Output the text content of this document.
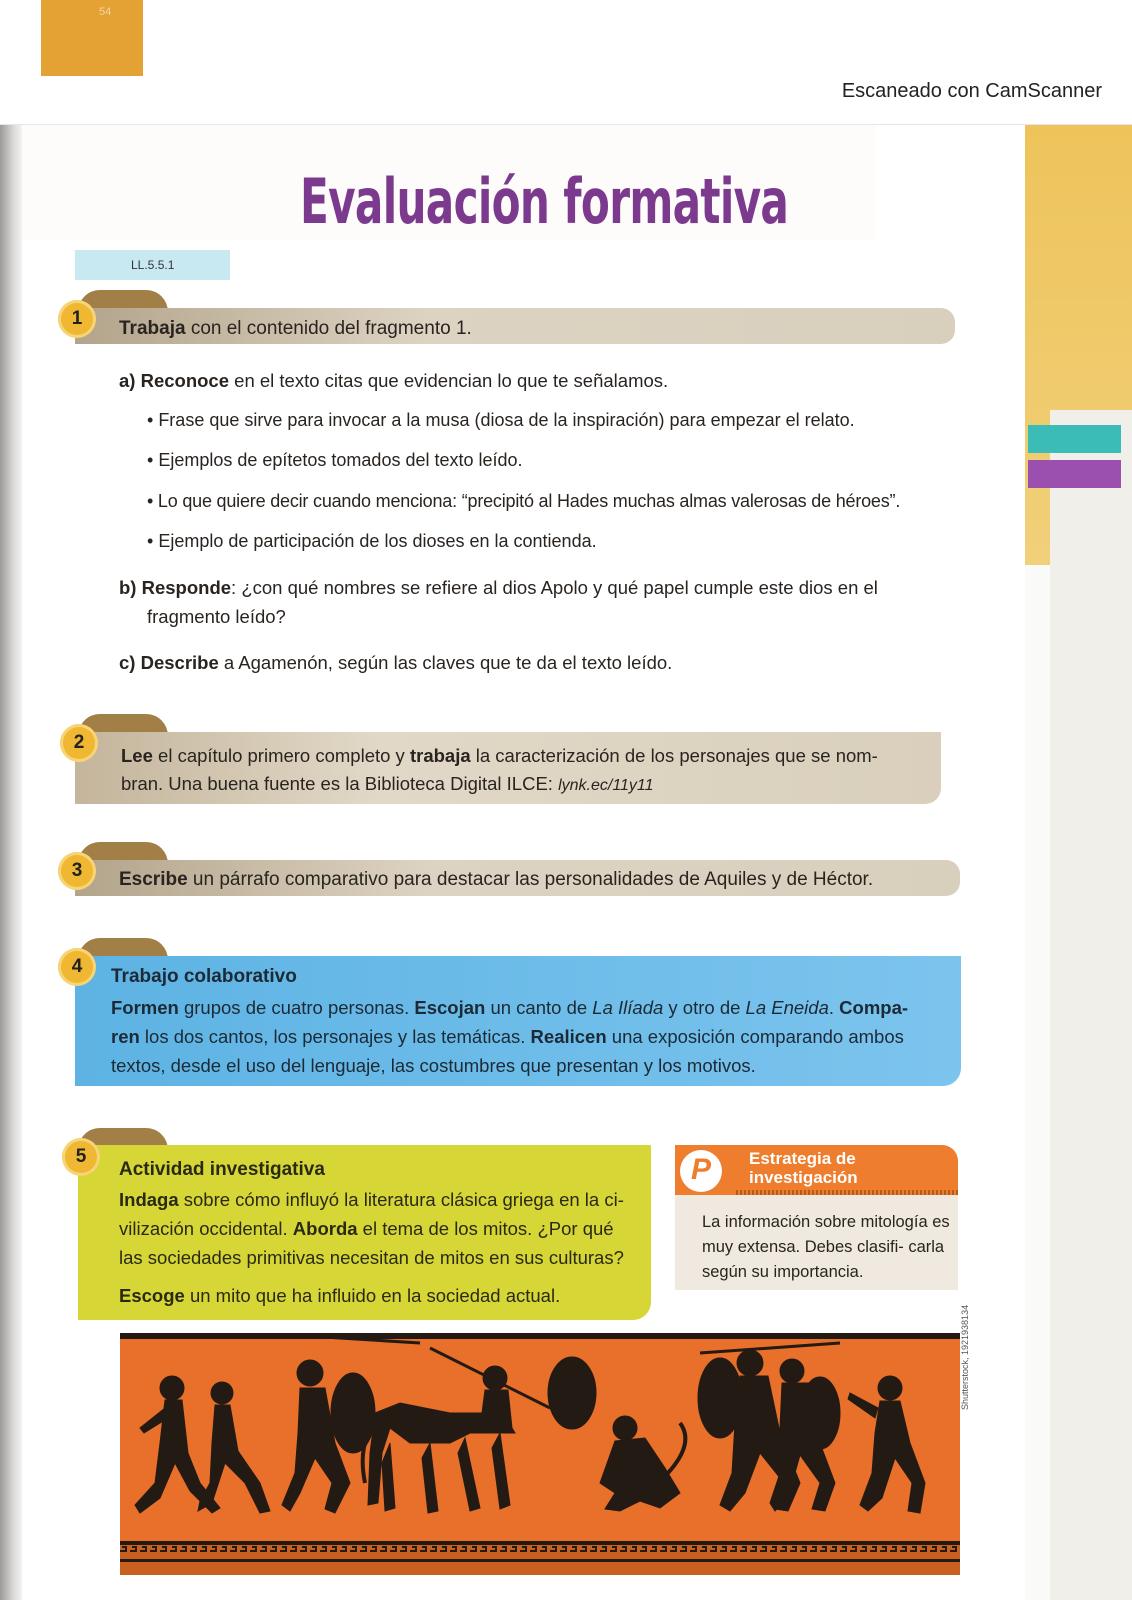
54
Escaneado con CamScanner
Evaluación formativa
LL.5.5.1
1	Trabaja con el contenido del fragmento 1.
a) Reconoce en el texto citas que evidencian lo que te señalamos.
• Frase que sirve para invocar a la musa (diosa de la inspiración) para empezar el relato.
• Ejemplos de epítetos tomados del texto leído.
• Lo que quiere decir cuando menciona: “precipitó al Hades muchas almas valerosas de héroes”.
• Ejemplo de participación de los dioses en la contienda.
b) Responde: ¿con qué nombres se refiere al dios Apolo y qué papel cumple este dios en el
fragmento leído?
c) Describe a Agamenón, según las claves que te da el texto leído.
2
Lee el capítulo primero completo y trabaja la caracterización de los personajes que se nom-
bran. Una buena fuente es la Biblioteca Digital ILCE: lynk.ec/11y11
3	Escribe un párrafo comparativo para destacar las personalidades de Aquiles y de Héctor.
4	Trabajo colaborativo
Formen grupos de cuatro personas. Escojan un canto de La Ilíada y otro de La Eneida. Compa-
ren los dos cantos, los personajes y las temáticas. Realicen una exposición comparando ambos
textos, desde el uso del lenguaje, las costumbres que presentan y los motivos.
5
Actividad investigativa
Indaga sobre cómo influyó la literatura clásica griega en la ci-
vilización occidental. Aborda el tema de los mitos. ¿Por qué
las sociedades primitivas necesitan de mitos en sus culturas?
Escoge un mito que ha influido en la sociedad actual.
P	Estrategia de
investigación
La información sobre mitología es muy extensa. Debes clasifi- carla según su importancia.
Shutterstock, 1921938134
